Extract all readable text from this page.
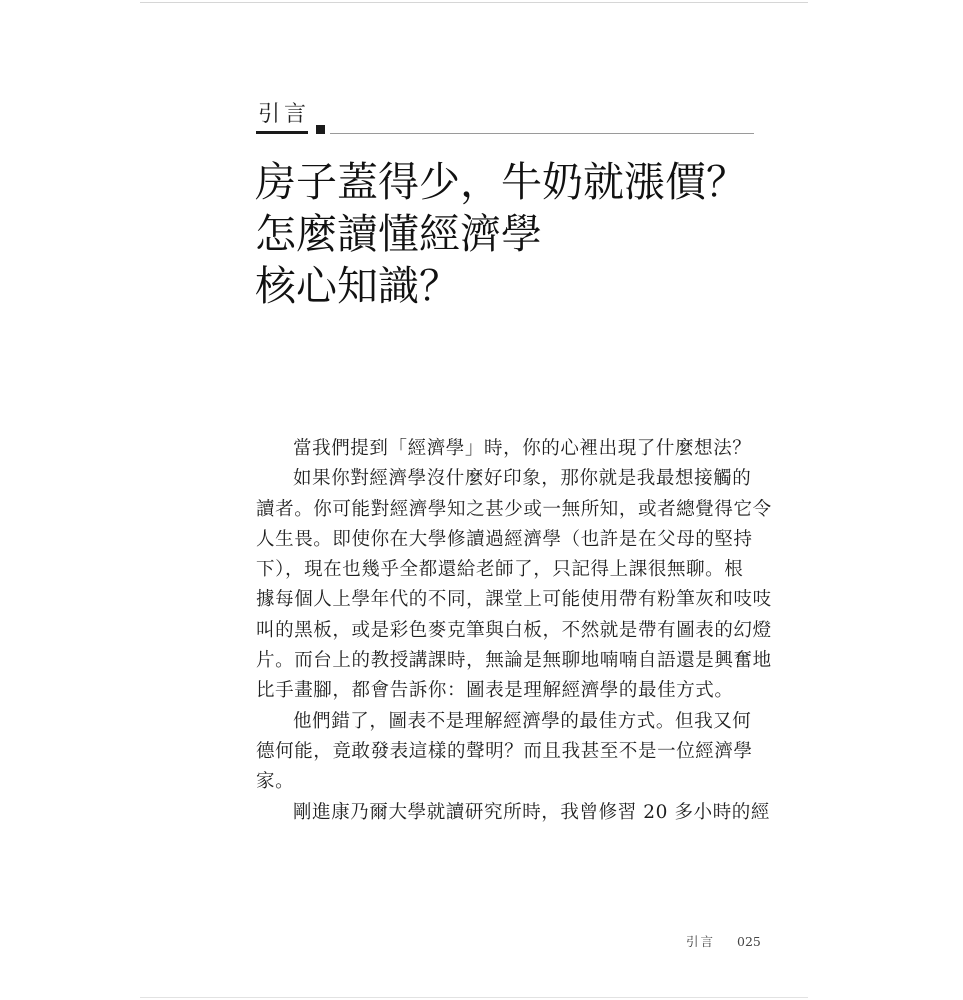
引言
房子蓋得少，牛奶就漲價？
怎麼讀懂經濟學
核心知識？
當我們提到「經濟學」時，你的心裡出現了什麼想法？
如果你對經濟學沒什麼好印象，那你就是我最想接觸的
讀者。你可能對經濟學知之甚少或一無所知，或者總覺得它令
人生畏。即使你在大學修讀過經濟學（也許是在父母的堅持
下），現在也幾乎全都還給老師了，只記得上課很無聊。根
據每個人上學年代的不同，課堂上可能使用帶有粉筆灰和吱吱
叫的黑板，或是彩色麥克筆與白板，不然就是帶有圖表的幻燈
片。而台上的教授講課時，無論是無聊地喃喃自語還是興奮地
比手畫腳，都會告訴你：圖表是理解經濟學的最佳方式。
他們錯了，圖表不是理解經濟學的最佳方式。但我又何
德何能，竟敢發表這樣的聲明？而且我甚至不是一位經濟學
家。
剛進康乃爾大學就讀研究所時，我曾修習 20 多小時的經
引言 025
